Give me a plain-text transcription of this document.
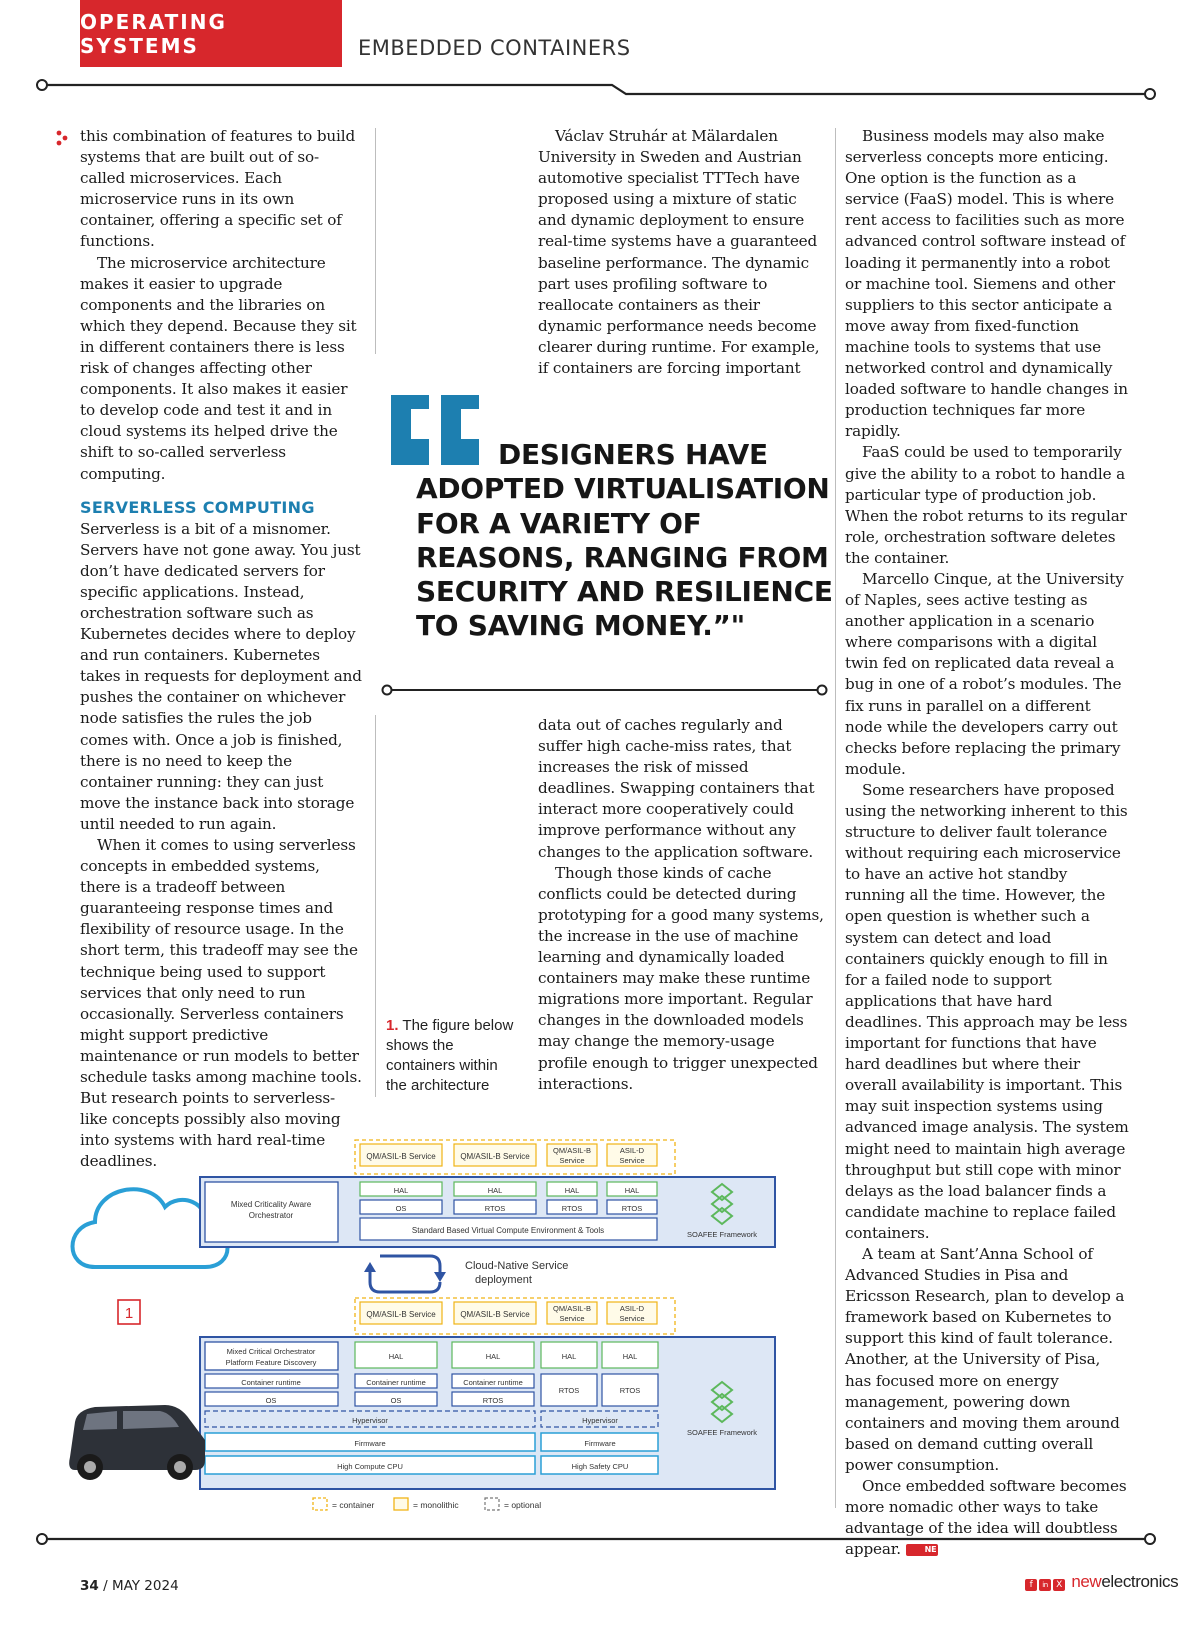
OPERATING SYSTEMS	EMBEDDED CONTAINERS

this combination of features to build systems that are built out of so-called microservices. Each microservice runs in its own container, offering a specific set of functions.

The microservice architecture makes it easier to upgrade components and the libraries on which they depend. Because they sit in different containers there is less risk of changes affecting other components. It also makes it easier to develop code and test it and in cloud systems its helped drive the shift to so-called serverless computing.

SERVERLESS COMPUTING

Serverless is a bit of a misnomer. Servers have not gone away. You just don’t have dedicated servers for specific applications. Instead, orchestration software such as Kubernetes decides where to deploy and run containers. Kubernetes takes in requests for deployment and pushes the container on whichever node satisfies the rules the job comes with. Once a job is finished, there is no need to keep the container running: they can just move the instance back into storage until needed to run again.

When it comes to using serverless concepts in embedded systems, there is a tradeoff between guaranteeing response times and flexibility of resource usage. In the short term, this tradeoff may see the technique being used to support services that only need to run occasionally. Serverless containers might support predictive maintenance or run models to better schedule tasks among machine tools. But research points to serverless-like concepts possibly also moving into systems with hard real-time deadlines.

Václav Struhár at Mälardalen University in Sweden and Austrian automotive specialist TTTech have proposed using a mixture of static and dynamic deployment to ensure real-time systems have a guaranteed baseline performance. The dynamic part uses profiling software to reallocate containers as their dynamic performance needs become clearer during runtime. For example, if containers are forcing important

DESIGNERS HAVE ADOPTED VIRTUALISATION FOR A VARIETY OF REASONS, RANGING FROM SECURITY AND RESILIENCE TO SAVING MONEY.”"
1. The figure below shows the containers within the architecture

data out of caches regularly and suffer high cache-miss rates, that increases the risk of missed deadlines. Swapping containers that interact more cooperatively could improve performance without any changes to the application software.

Though those kinds of cache conflicts could be detected during prototyping for a good many systems, the increase in the use of machine learning and dynamically loaded containers may make these runtime migrations more important. Regular changes in the downloaded models may change the memory-usage profile enough to trigger unexpected interactions.

Business models may also make serverless concepts more enticing. One option is the function as a service (FaaS) model. This is where rent access to facilities such as more advanced control software instead of loading it permanently into a robot or machine tool. Siemens and other suppliers to this sector anticipate a move away from fixed-function machine tools to systems that use networked control and dynamically loaded software to handle changes in production techniques far more rapidly.

FaaS could be used to temporarily give the ability to a robot to handle a particular type of production job. When the robot returns to its regular role, orchestration software deletes the container.

Marcello Cinque, at the University of Naples, sees active testing as another application in a scenario where comparisons with a digital twin fed on replicated data reveal a bug in one of a robot’s modules. The fix runs in parallel on a different node while the developers carry out checks before replacing the primary module.

Some researchers have proposed using the networking inherent to this structure to deliver fault tolerance without requiring each microservice to have an active hot standby running all the time. However, the open question is whether such a system can detect and load containers quickly enough to fill in for a failed node to support applications that have hard deadlines. This approach may be less important for functions that have hard deadlines but where their overall availability is important. This may suit inspection systems using advanced image analysis. The system might need to maintain high average throughput but still cope with minor delays as the load balancer finds a candidate machine to replace failed containers.

A team at Sant’Anna School of Advanced Studies in Pisa and Ericsson Research, plan to develop a framework based on Kubernetes to support this kind of fault tolerance. Another, at the University of Pisa, has focused more on energy management, powering down containers and moving them around based on demand cutting overall power consumption.

Once embedded software becomes more nomadic other ways to take advantage of the idea will doubtless appear.	NE

1
QM/ASIL-B Service	QM/ASIL-B Service
QM/ASIL-B
Service
ASIL-D
Service
Mixed Criticality Aware
Orchestrator
HAL	HAL	HAL	HAL
OS	RTOS	RTOS	RTOS
Standard Based Virtual Compute Environment & Tools	SOAFEE Framework
Cloud-Native Service
deployment
QM/ASIL-B Service	QM/ASIL-B Service
QM/ASIL-B
Service
ASIL-D
Service
Mixed Critical Orchestrator
Platform Feature Discovery
Container runtime
OS
HAL	HAL	HAL	HAL
Container runtime	Container runtime
OS	RTOS
RTOS	RTOS
Hypervisor	Hypervisor
Firmware	Firmware
High Compute CPU	High Safety CPU
SOAFEE Framework
= container	= monolithic	= optional
34 / MAY 2024	f in X newelectronics
